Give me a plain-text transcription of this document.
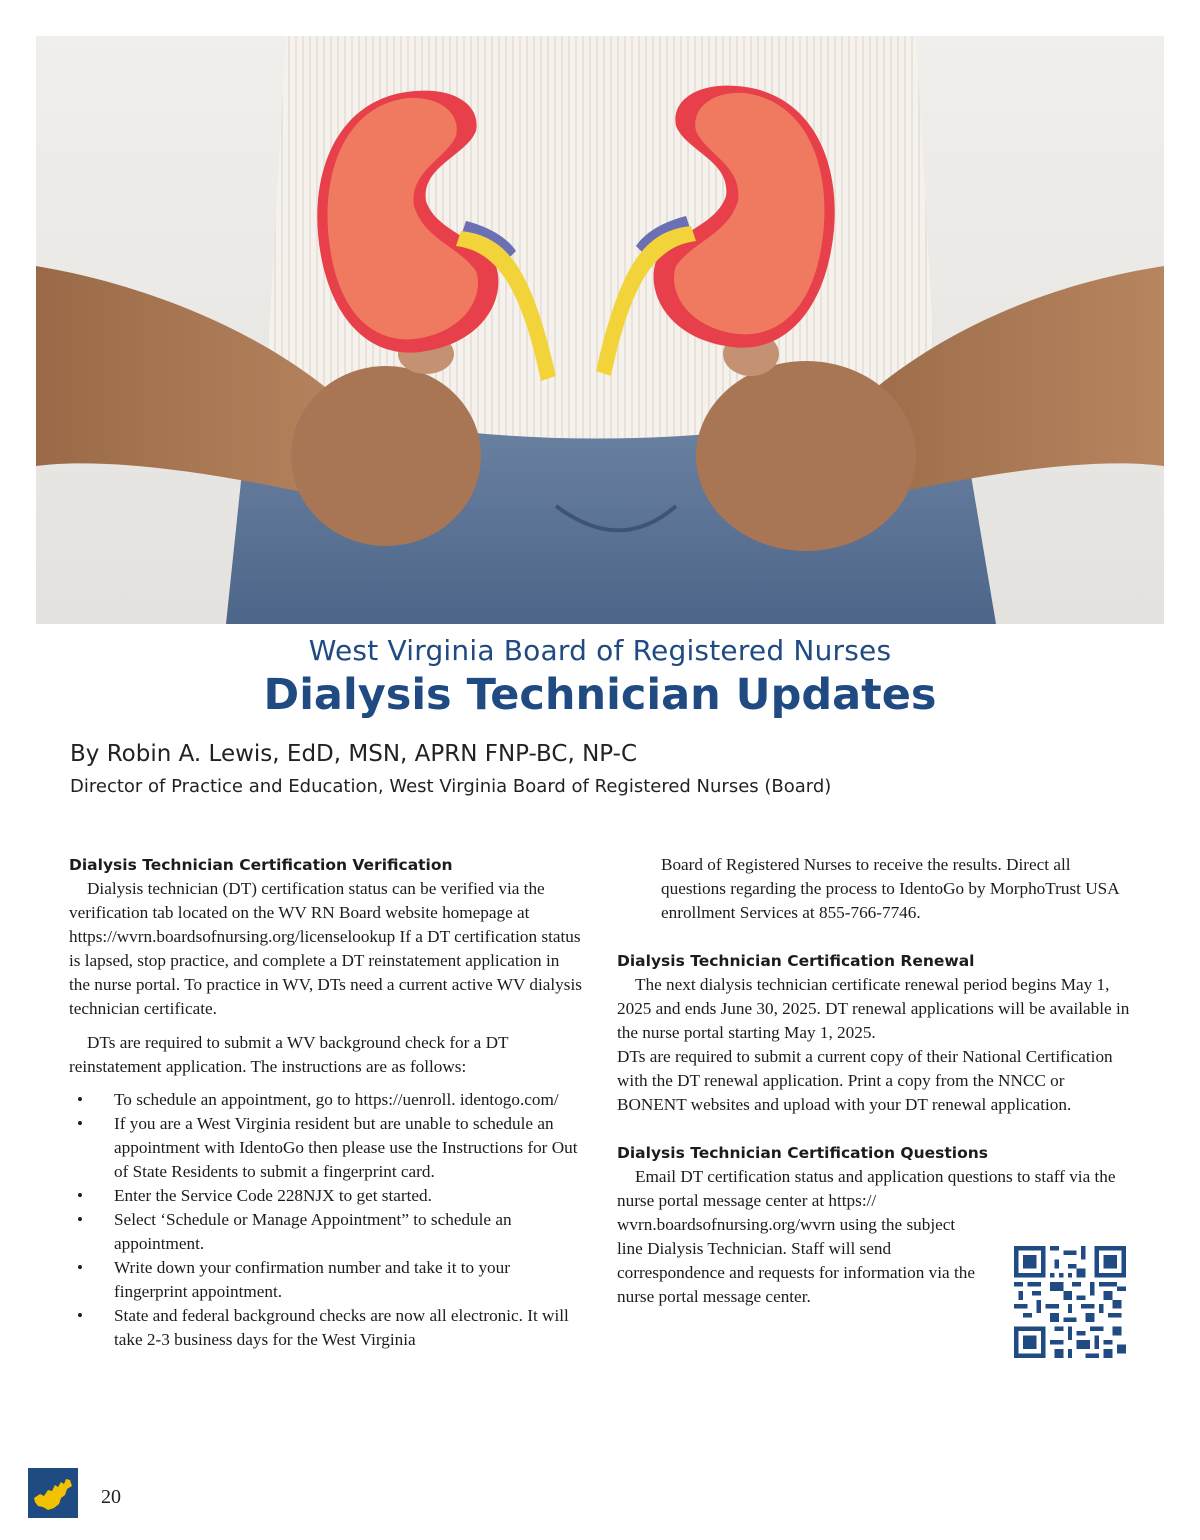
West Virginia Board of Registered Nurses
Dialysis Technician Updates
By Robin A. Lewis, EdD, MSN, APRN FNP-BC, NP-C
Director of Practice and Education, West Virginia Board of Registered Nurses (Board)
Dialysis Technician Certification Verification

Dialysis technician (DT) certification status can be verified via the verification tab located on the WV RN Board website homepage at https://wvrn.boardsofnursing.org/licenselookup If a DT certification status is lapsed, stop practice, and complete a DT reinstatement application in the nurse portal. To practice in WV, DTs need a current active WV dialysis technician certificate.

DTs are required to submit a WV background check for a DT reinstatement application. The instructions are as follows:

• To schedule an appointment, go to https://uenroll. identogo.com/
• If you are a West Virginia resident but are unable to schedule an appointment with IdentoGo then please use the Instructions for Out of State Residents to submit a fingerprint card.
• Enter the Service Code 228NJX to get started.
• Select ‘Schedule or Manage Appointment” to schedule an appointment.
• Write down your confirmation number and take it to your fingerprint appointment.
• State and federal background checks are now all electronic. It will take 2-3 business days for the West Virginia

Board of Registered Nurses to receive the results. Direct all questions regarding the process to IdentoGo by MorphoTrust USA enrollment Services at 855-766-7746.

Dialysis Technician Certification Renewal

The next dialysis technician certificate renewal period begins May 1, 2025 and ends June 30, 2025. DT renewal applications will be available in the nurse portal starting May 1, 2025.

DTs are required to submit a current copy of their National Certification with the DT renewal application. Print a copy from the NNCC or BONENT websites and upload with your DT renewal application.

Dialysis Technician Certification Questions

Email DT certification status and application questions to staff via the nurse portal message center at https://

wvrn.boardsofnursing.org/wvrn using the subject line Dialysis Technician. Staff will send correspondence and requests for information via the nurse portal message center.

20
